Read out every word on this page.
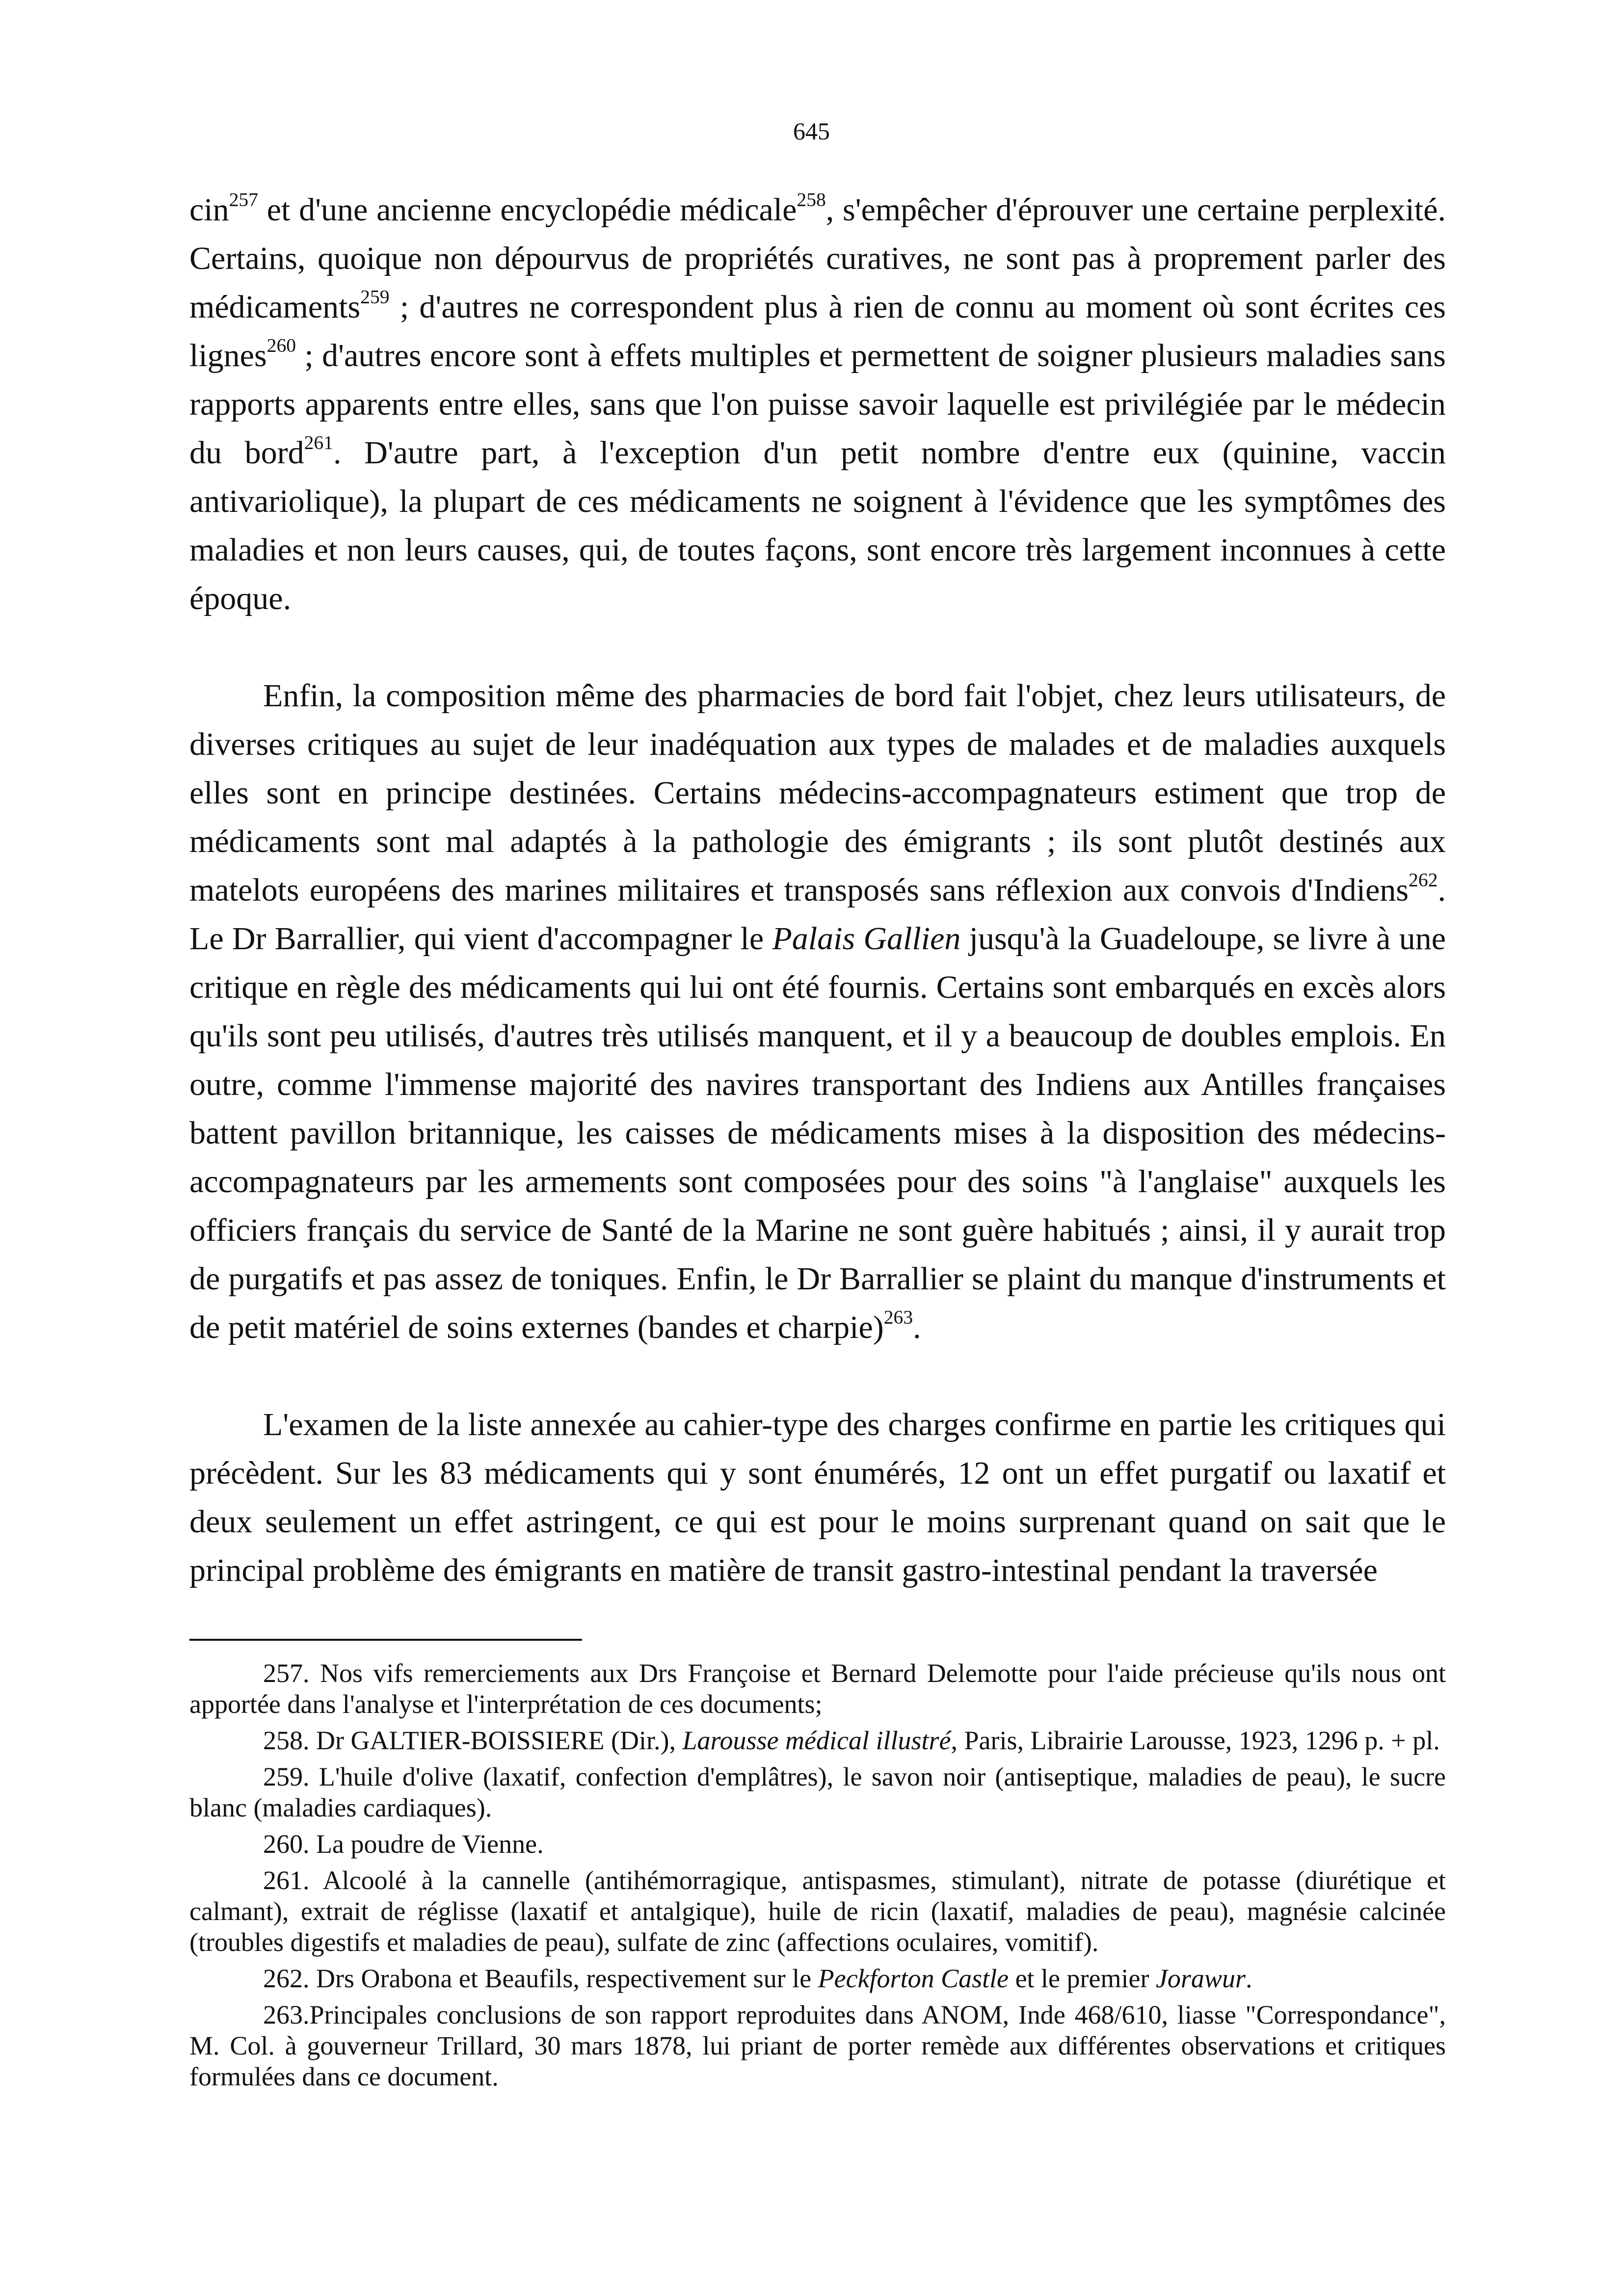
645

cin$^{257}$ et d'une ancienne encyclopédie médicale$^{258}$, s'empêcher d'éprouver une certaine perplexité. Certains, quoique non dépourvus de propriétés curatives, ne sont pas à proprement parler des médicaments$^{259}$ ; d'autres ne correspondent plus à rien de connu au moment où sont écrites ces lignes$^{260}$ ; d'autres encore sont à effets multiples et permettent de soigner plusieurs maladies sans rapports apparents entre elles, sans que l'on puisse savoir laquelle est privilégiée par le médecin du bord$^{261}$. D'autre part, à l'exception d'un petit nombre d'entre eux (quinine, vaccin antivariolique), la plupart de ces médicaments ne soignent à l'évidence que les symptômes des maladies et non leurs causes, qui, de toutes façons, sont encore très largement inconnues à cette époque.

Enfin, la composition même des pharmacies de bord fait l'objet, chez leurs utilisateurs, de diverses critiques au sujet de leur inadéquation aux types de malades et de maladies auxquels elles sont en principe destinées. Certains médecins-accompagnateurs estiment que trop de médicaments sont mal adaptés à la pathologie des émigrants ; ils sont plutôt destinés aux matelots européens des marines militaires et transposés sans réflexion aux convois d'Indiens$^{262}$. Le Dr Barrallier, qui vient d'accompagner le Palais Gallien jusqu'à la Guadeloupe, se livre à une critique en règle des médicaments qui lui ont été fournis. Certains sont embarqués en excès alors qu'ils sont peu utilisés, d'autres très utilisés manquent, et il y a beaucoup de doubles emplois. En outre, comme l'immense majorité des navires transportant des Indiens aux Antilles françaises battent pavillon britannique, les caisses de médicaments mises à la disposition des médecins-accompagnateurs par les armements sont composées pour des soins "à l'anglaise" auxquels les officiers français du service de Santé de la Marine ne sont guère habitués ; ainsi, il y aurait trop de purgatifs et pas assez de toniques. Enfin, le Dr Barrallier se plaint du manque d'instruments et de petit matériel de soins externes (bandes et charpie)$^{263}$.

L'examen de la liste annexée au cahier-type des charges confirme en partie les critiques qui précèdent. Sur les 83 médicaments qui y sont énumérés, 12 ont un effet purgatif ou laxatif et deux seulement un effet astringent, ce qui est pour le moins surprenant quand on sait que le principal problème des émigrants en matière de transit gastro-intestinal pendant la traversée

257. Nos vifs remerciements aux Drs Françoise et Bernard Delemotte pour l'aide précieuse qu'ils nous ont apportée dans l'analyse et l'interprétation de ces documents;

258. Dr GALTIER-BOISSIERE (Dir.), Larousse médical illustré, Paris, Librairie Larousse, 1923, 1296 p. + pl.

259. L'huile d'olive (laxatif, confection d'emplâtres), le savon noir (antiseptique, maladies de peau), le sucre blanc (maladies cardiaques).

260. La poudre de Vienne.

261. Alcoolé à la cannelle (antihémorragique, antispasmes, stimulant), nitrate de potasse (diurétique et calmant), extrait de réglisse (laxatif et antalgique), huile de ricin (laxatif, maladies de peau), magnésie calcinée (troubles digestifs et maladies de peau), sulfate de zinc (affections oculaires, vomitif).

262. Drs Orabona et Beaufils, respectivement sur le Peckforton Castle et le premier Jorawur.

263.Principales conclusions de son rapport reproduites dans ANOM, Inde 468/610, liasse "Correspondance", M. Col. à gouverneur Trillard, 30 mars 1878, lui priant de porter remède aux différentes observations et critiques formulées dans ce document.
